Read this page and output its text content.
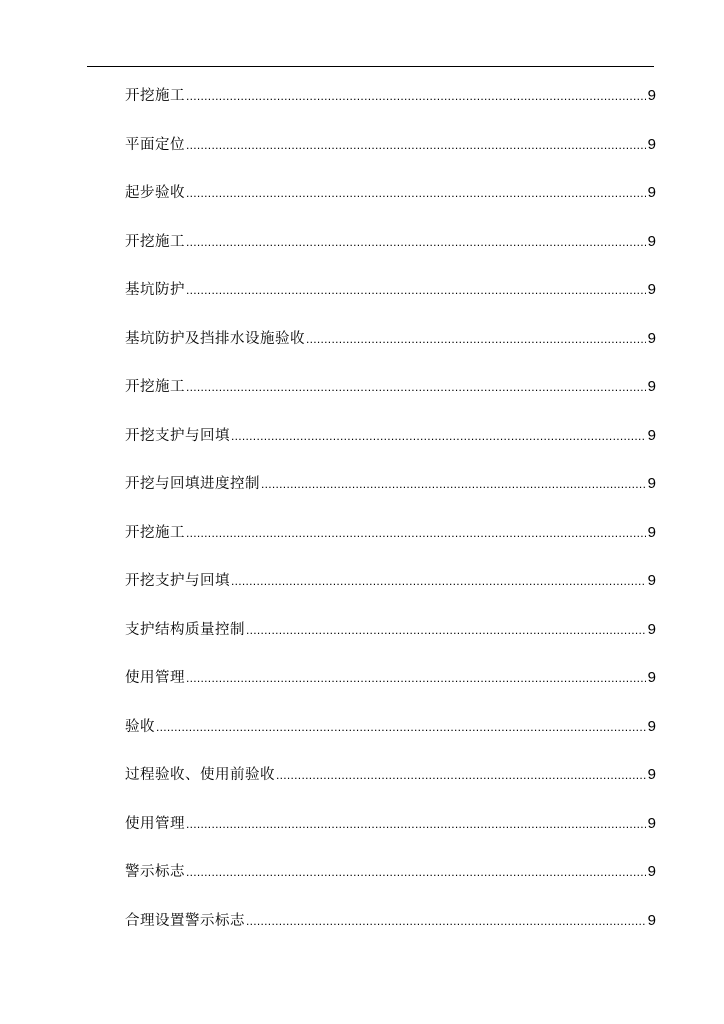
开挖施工 .....	9
平面定位 .....	9
起步验收 .....	9
开挖施工 .....	9
基坑防护 .....	9
基坑防护及挡排水设施验收 .....	9
开挖施工 .....	9
开挖支护与回填 .....	9
开挖与回填进度控制 .....	9
开挖施工 .....	9
开挖支护与回填 .....	9
支护结构质量控制 .....	9
使用管理 .....	9
验收 .....	9
过程验收、使用前验收 .....	9
使用管理 .....	9
警示标志 .....	9
合理设置警示标志 .....	9
